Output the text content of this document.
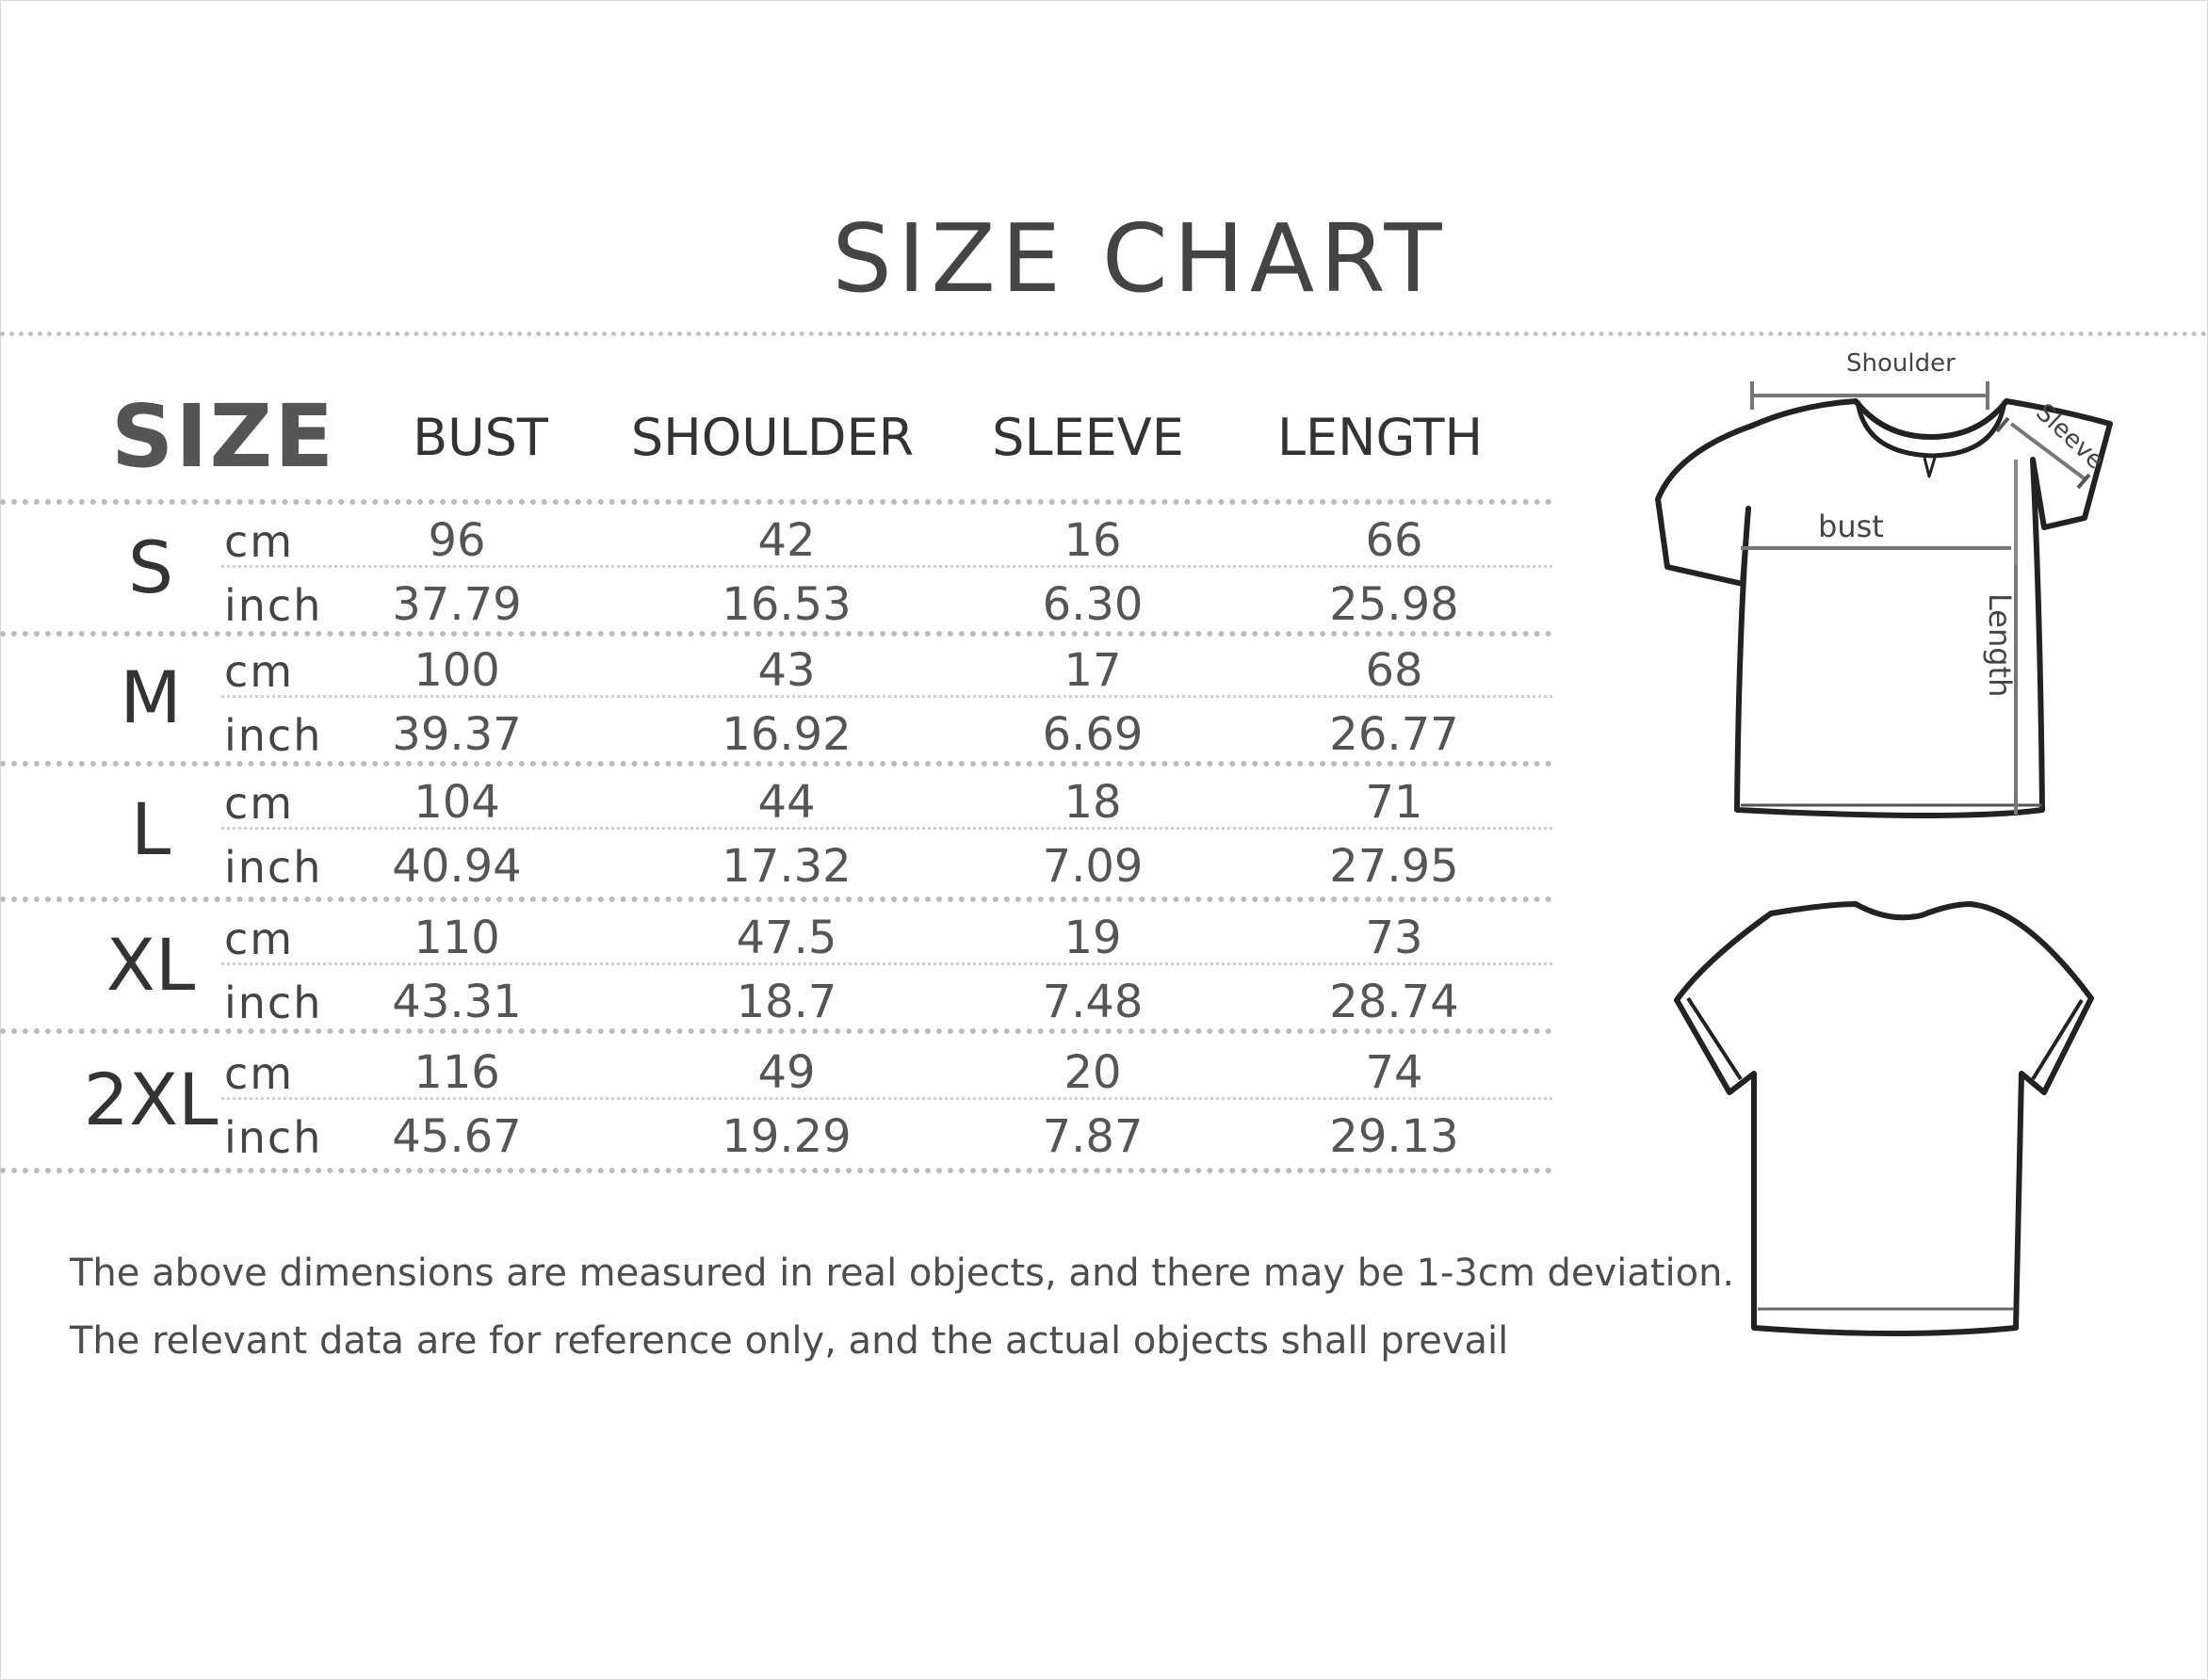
SIZE CHART
SIZE BUST SHOULDER SLEEVE LENGTH
S cm	96	42	16	66
inch 37.79	16.53	6.30	25.98
M cm	100	43	17	68
inch 39.37	16.92	6.69	26.77
L cm	104	44	18	71
inch 40.94	17.32	7.09	27.95
XL cm	110	47.5	19	73
inch 43.31	18.7	7.48	28.74
2XL cm	116	49	20	74
inch 45.67	19.29	7.87	29.13
The above dimensions are measured in real objects, and there may be 1-3cm deviation.
The relevant data are for reference only, and the actual objects shall prevail
Shoulder
Sleeve
bust
Length
